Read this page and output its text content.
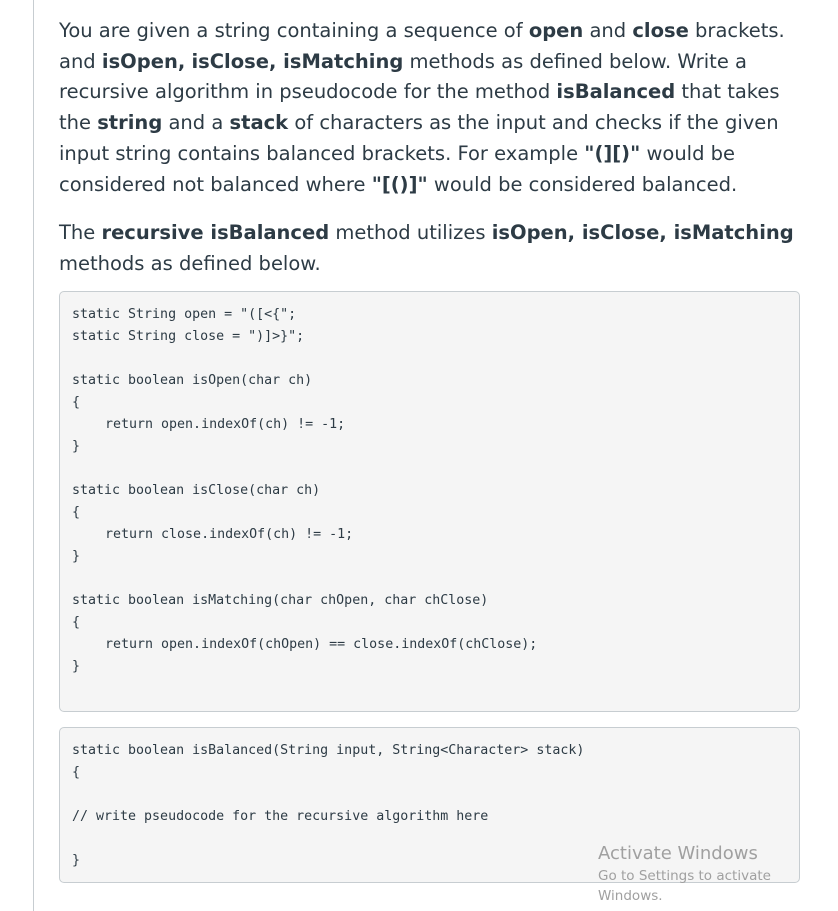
You are given a string containing a sequence of open and close brackets. and isOpen, isClose, isMatching methods as defined below. Write a recursive algorithm in pseudocode for the method isBalanced that takes the string and a stack of characters as the input and checks if the given input string contains balanced brackets. For example "(][)" would be considered not balanced where "[()]" would be considered balanced.

The recursive isBalanced method utilizes isOpen, isClose, isMatching methods as defined below.

static String open = "([<{";
static String close = ")]>}";
static boolean isOpen(char ch)
{
return open.indexOf(ch) != -1;
}
static boolean isClose(char ch)
{
return close.indexOf(ch) != -1;
}
static boolean isMatching(char chOpen, char chClose)
{
return open.indexOf(chOpen) == close.indexOf(chClose);
}
static boolean isBalanced(String input, String<Character> stack)
{
// write pseudocode for the recursive algorithm here
}	Activate Windows
Go to Settings to activate Windows.
